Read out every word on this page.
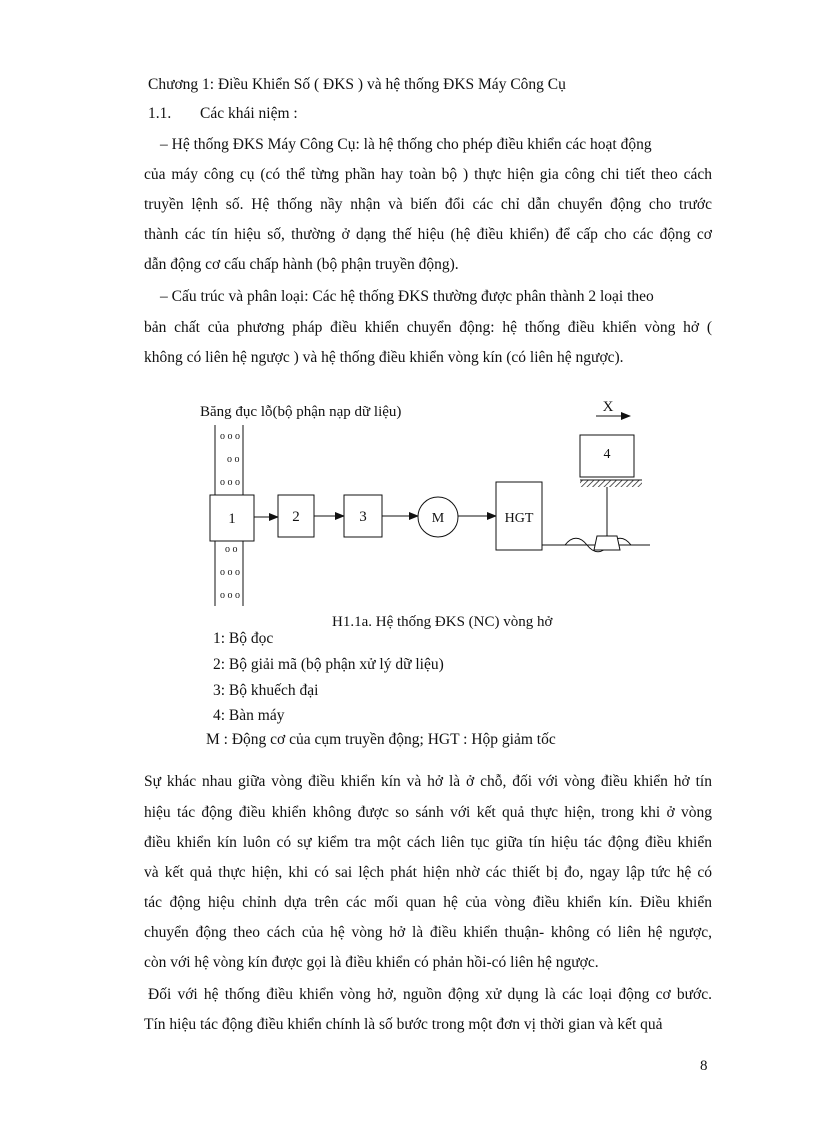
Chương 1: Điều Khiển Số ( ĐKS ) và hệ thống ĐKS Máy Công Cụ
1.1. Các khái niệm :
– Hệ thống ĐKS Máy Công Cụ: là hệ thống cho phép điều khiển các hoạt động
của máy công cụ (có thể từng phần hay toàn bộ ) thực hiện gia công chi tiết theo cách
truyền lệnh số. Hệ thống nầy nhận và biến đổi các chỉ dẫn chuyển động cho trước
thành các tín hiệu số, thường ở dạng thế hiệu (hệ điều khiển) để cấp cho các động cơ
dẫn động cơ cấu chấp hành (bộ phận truyền động).
– Cấu trúc và phân loại: Các hệ thống ĐKS thường được phân thành 2 loại theo
bản chất của phương pháp điều khiển chuyển động: hệ thống điều khiển vòng hở (
không có liên hệ ngược ) và hệ thống điều khiển vòng kín (có liên hệ ngược).
Băng đục lỗ(bộ phận nạp dữ liệu)
o o o
o o
o o o
o o
o o o
o o o
1	2	3	M	HGT
4
X
H1.1a. Hệ thống ĐKS (NC) vòng hở
1: Bộ đọc
2: Bộ giải mã (bộ phận xử lý dữ liệu)
3: Bộ khuếch đại
4: Bàn máy
M : Động cơ của cụm truyền động; HGT : Hộp giảm tốc
Sự khác nhau giữa vòng điều khiển kín và hở là ở chỗ, đối với vòng điều khiển hở tín
hiệu tác động điều khiển không được so sánh với kết quả thực hiện, trong khi ở vòng
điều khiển kín luôn có sự kiểm tra một cách liên tục giữa tín hiệu tác động điều khiển
và kết quả thực hiện, khi có sai lệch phát hiện nhờ các thiết bị đo, ngay lập tức hệ có
tác động hiệu chỉnh dựa trên các mối quan hệ của vòng điều khiển kín. Điều khiển
chuyển động theo cách của hệ vòng hở là điều khiển thuận- không có liên hệ ngược,
còn với hệ vòng kín được gọi là điều khiển có phản hồi-có liên hệ ngược.
Đối với hệ thống điều khiển vòng hở, nguồn động xử dụng là các loại động cơ bước.
Tín hiệu tác động điều khiển chính là số bước trong một đơn vị thời gian và kết quả
8
